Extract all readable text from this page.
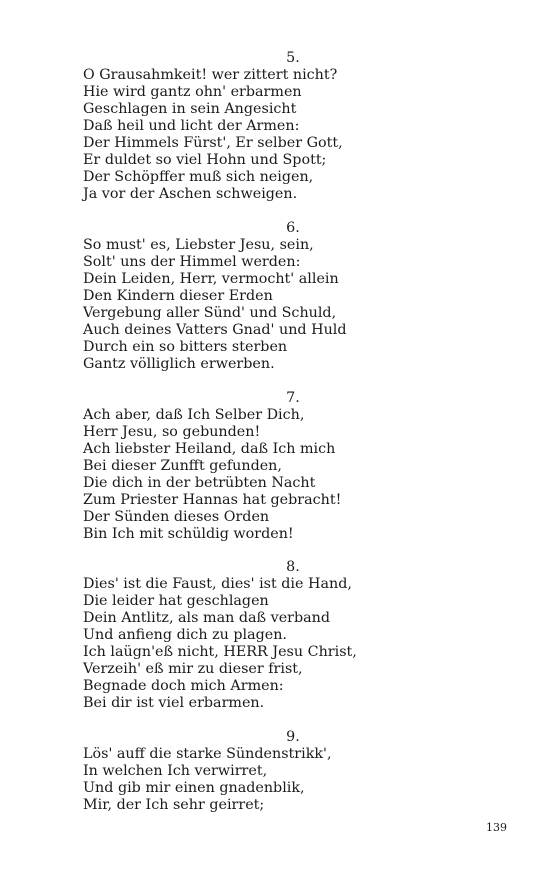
5.
O Grausahmkeit! wer zittert nicht?
Hie wird gantz ohn' erbarmen
Geschlagen in sein Angesicht
Daß heil und licht der Armen:
Der Himmels Fürst', Er selber Gott,
Er duldet so viel Hohn und Spott;
Der Schöpffer muß sich neigen,
Ja vor der Aschen schweigen.
6.
So must' es, Liebster Jesu, sein,
Solt' uns der Himmel werden:
Dein Leiden, Herr, vermocht' allein
Den Kindern dieser Erden
Vergebung aller Sünd' und Schuld,
Auch deines Vatters Gnad' und Huld
Durch ein so bitters sterben
Gantz völliglich erwerben.
7.
Ach aber, daß Ich Selber Dich,
Herr Jesu, so gebunden!
Ach liebster Heiland, daß Ich mich
Bei dieser Zunfft gefunden,
Die dich in der betrübten Nacht
Zum Priester Hannas hat gebracht!
Der Sünden dieses Orden
Bin Ich mit schüldig worden!
8.
Dies' ist die Faust, dies' ist die Hand,
Die leider hat geschlagen
Dein Antlitz, als man daß verband
Und anfieng dich zu plagen.
Ich laügn'eß nicht, HERR Jesu Christ,
Verzeih' eß mir zu dieser frist,
Begnade doch mich Armen:
Bei dir ist viel erbarmen.
9.
Lös' auff die starke Sündenstrikk',
In welchen Ich verwirret,
Und gib mir einen gnadenblik,
Mir, der Ich sehr geirret;
139
